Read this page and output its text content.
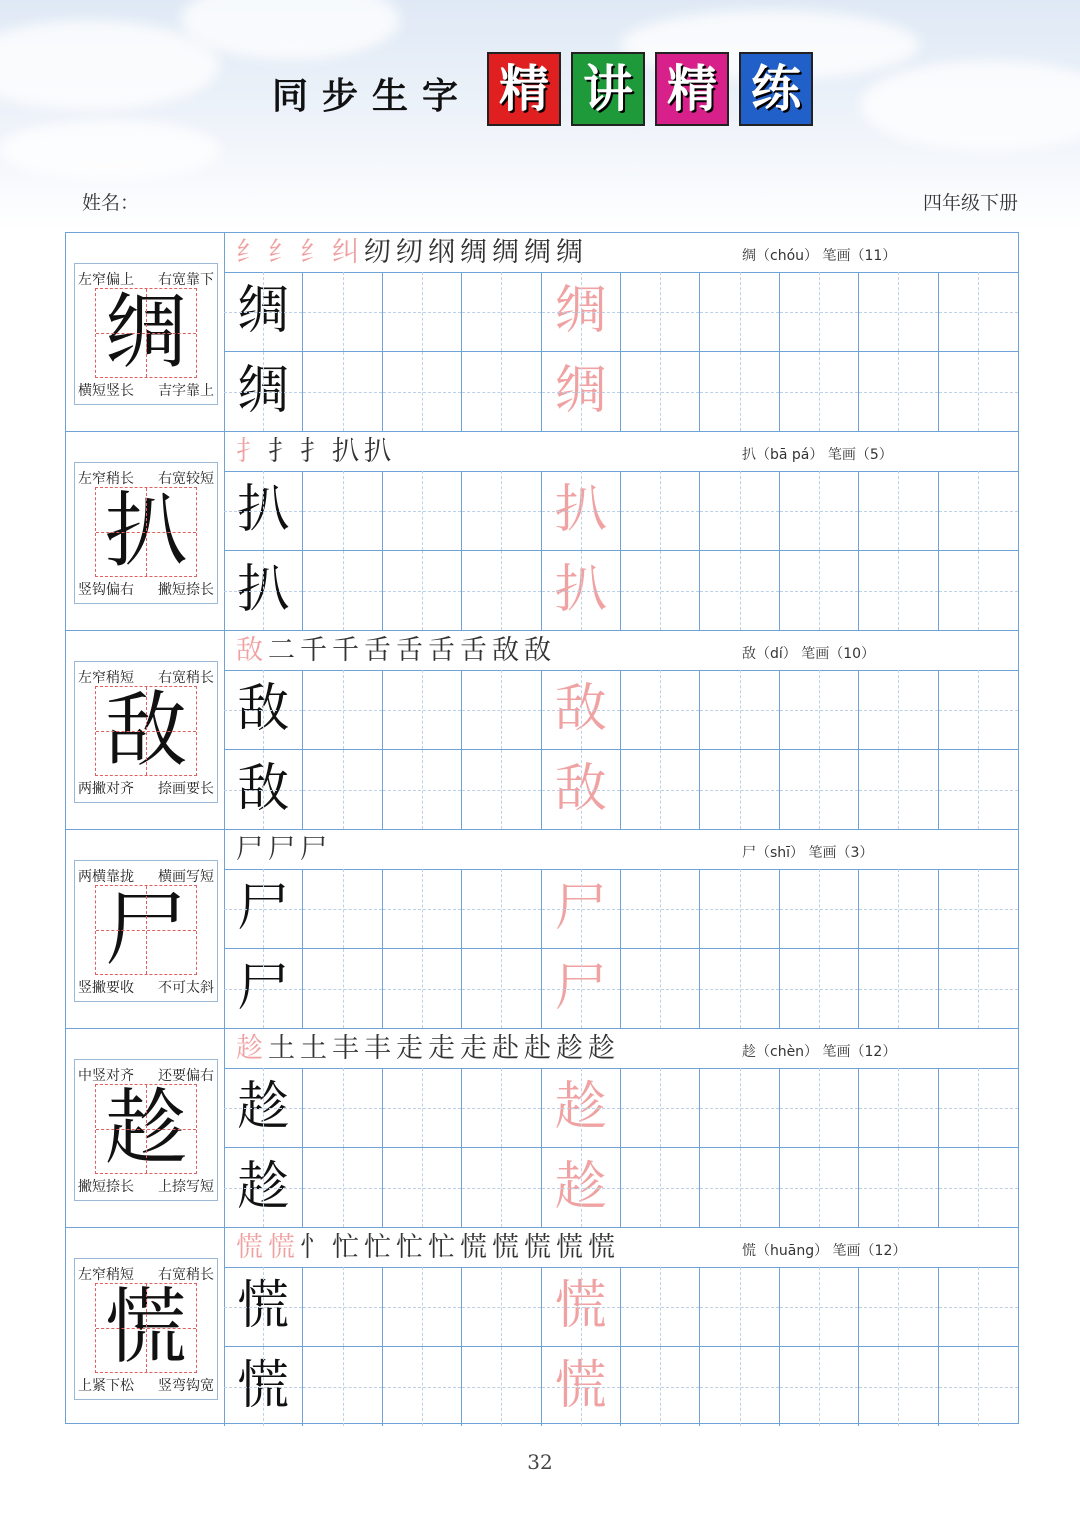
同步生字 精 讲 精 练
姓名：	四年级下册
左窄偏上 右宽靠下
横短竖长 吉字靠上
绸
纟纟纟纠纫纫纲绸绸绸绸	绸（chóu） 笔画（11）
绸	绸
绸	绸
左窄稍长 右宽较短
竖钩偏右 撇短捺长
扒
扌扌扌扒扒	扒（bā pá） 笔画（5）
扒	扒
扒	扒
左窄稍短 右宽稍长
两撇对齐 捺画要长
敌
敌二千千舌舌舌舌敌敌	敌（dí） 笔画（10）
敌	敌
敌	敌
两横靠拢 横画写短
竖撇要收 不可太斜
尸
尸尸尸	尸（shī） 笔画（3）
尸	尸
尸	尸
中竖对齐 还要偏右
撇短捺长 上捺写短
趁
趁土土丰丰走走走赴赴趁趁	趁（chèn） 笔画（12）
趁	趁
趁	趁
左窄稍短 右宽稍长
上紧下松 竖弯钩宽
慌
慌慌忄忙忙忙忙慌慌慌慌慌	慌（huāng） 笔画（12）
慌	慌
慌	慌
32
